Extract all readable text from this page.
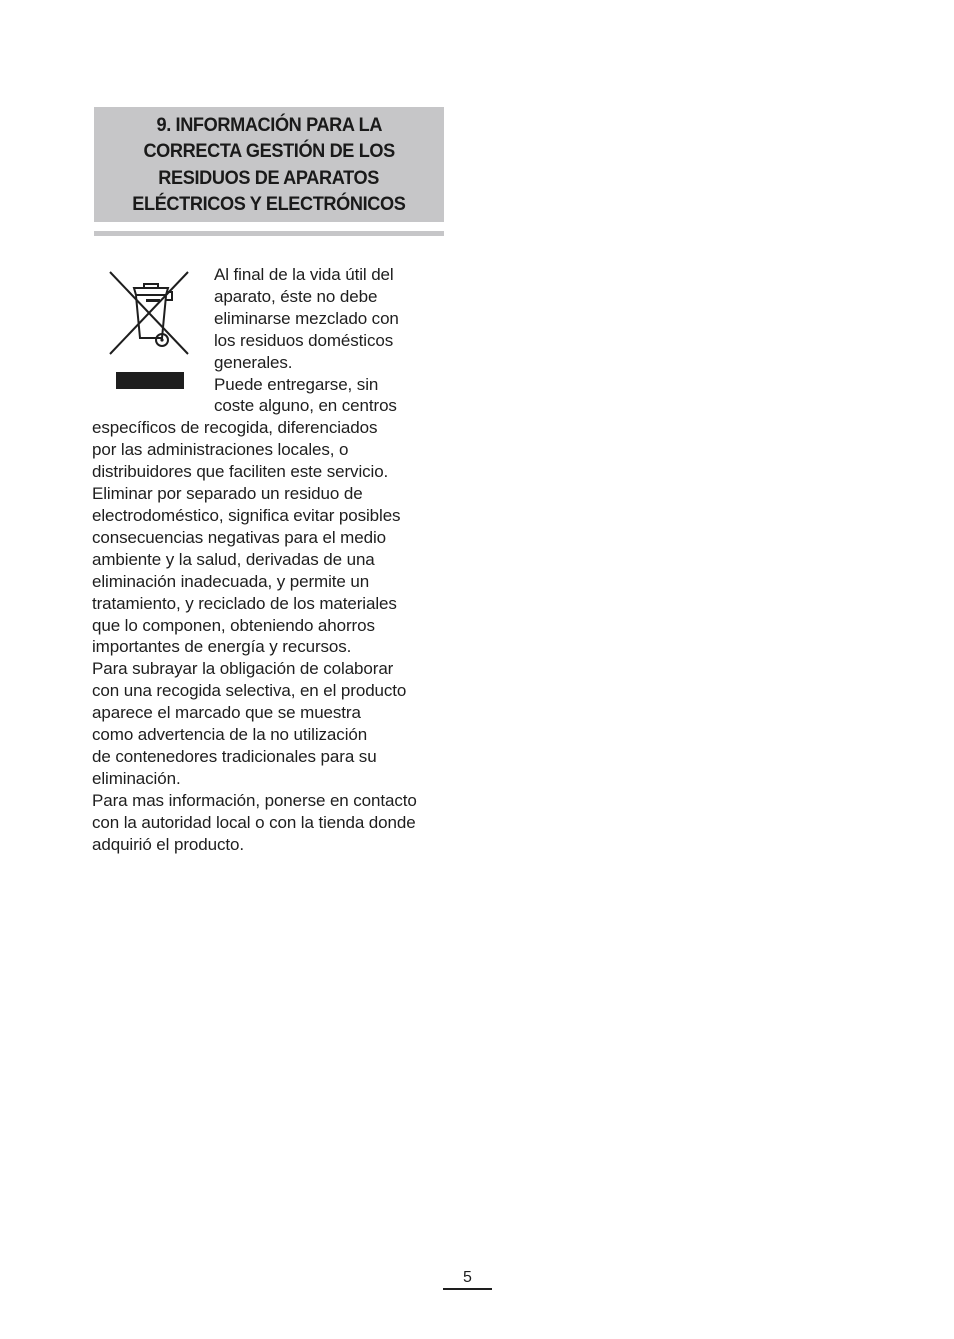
9. INFORMACIÓN PARA LA
CORRECTA GESTIÓN DE LOS
RESIDUOS DE APARATOS
ELÉCTRICOS Y ELECTRÓNICOS
Al final de la vida útil del
aparato, éste no debe
eliminarse mezclado con
los residuos domésticos
generales.
Puede entregarse, sin
coste alguno, en centros
específicos de recogida, diferenciados
por las administraciones locales, o
distribuidores que faciliten este servicio.
Eliminar por separado un residuo de
electrodoméstico, significa evitar posibles
consecuencias negativas para el medio
ambiente y la salud, derivadas de una
eliminación inadecuada, y permite un
tratamiento, y reciclado de los materiales
que lo componen, obteniendo ahorros
importantes de energía y recursos.
Para subrayar la obligación de colaborar
con una recogida selectiva, en el producto
aparece el marcado que se muestra
como advertencia de la no utilización
de contenedores tradicionales para su
eliminación.
Para mas información, ponerse en contacto
con la autoridad local o con la tienda donde
adquirió el producto.
5
